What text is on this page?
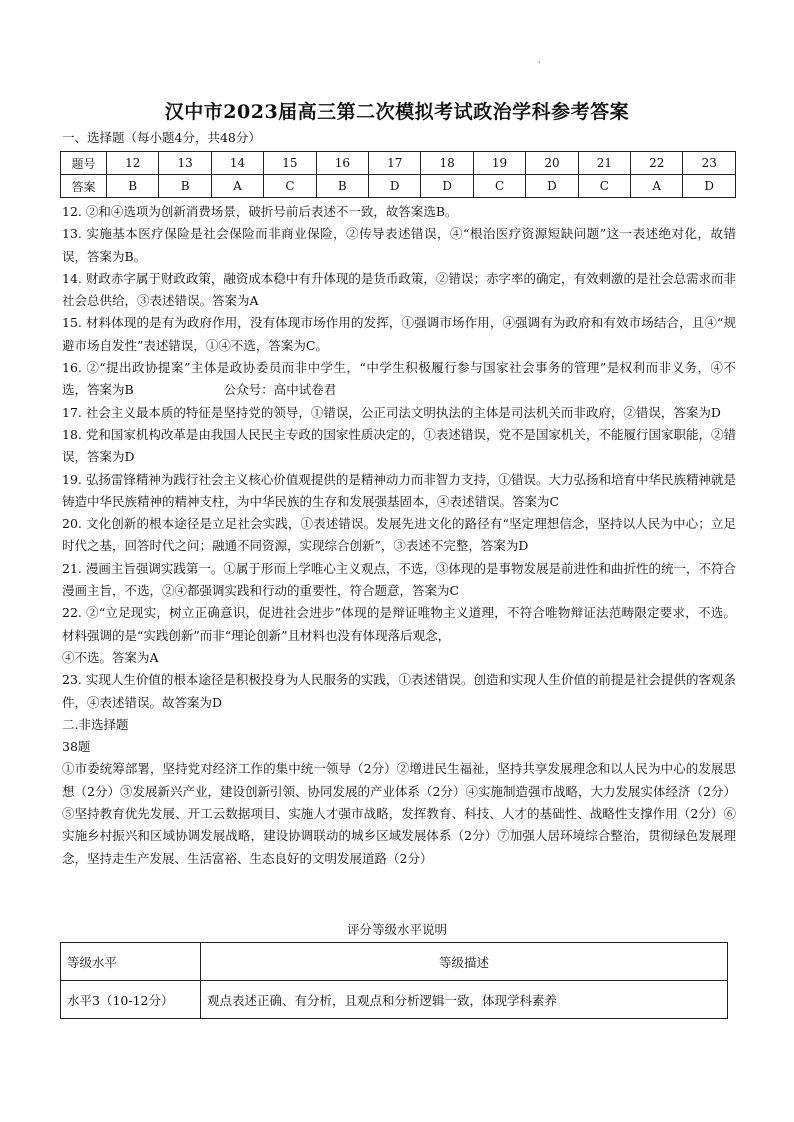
·
汉中市2023届高三第二次模拟考试政治学科参考答案
一、选择题（每小题4分，共48分）
题号	12	13	14	15	16	17	18	19	20	21	22	23
答案	B	B	A	C	B	D	D	C	D	C	A	D

12. ②和④选项为创新消费场景，破折号前后表述不一致，故答案选B。

13. 实施基本医疗保险是社会保险而非商业保险，②传导表述错误，④“根治医疗资源短缺问题”这一表述绝对化，故错误，答案为B。

14. 财政赤字属于财政政策，融资成本稳中有升体现的是货币政策，②错误；赤字率的确定，有效刺激的是社会总需求而非社会总供给，③表述错误。答案为A

15. 材料体现的是有为政府作用，没有体现市场作用的发挥，①强调市场作用，④强调有为政府和有效市场结合，且④“规避市场自发性”表述错误，①④不选，答案为C。

16. ②“提出政协提案”主体是政协委员而非中学生，“中学生积极履行参与国家社会事务的管理”是权利而非义务，④不选，答案为B	公众号：高中试卷君

17. 社会主义最本质的特征是坚持党的领导，①错误，公正司法文明执法的主体是司法机关而非政府，②错误，答案为D

18. 党和国家机构改革是由我国人民民主专政的国家性质决定的，①表述错误，党不是国家机关，不能履行国家职能，②错误，答案为D

19. 弘扬雷锋精神为践行社会主义核心价值观提供的是精神动力而非智力支持，①错误。大力弘扬和培育中华民族精神就是铸造中华民族精神的精神支柱，为中华民族的生存和发展强基固本，④表述错误。答案为C

20. 文化创新的根本途径是立足社会实践，①表述错误。发展先进文化的路径有“坚定理想信念，坚持以人民为中心；立足时代之基，回答时代之问；融通不同资源，实现综合创新”，③表述不完整，答案为D

21. 漫画主旨强调实践第一。①属于形而上学唯心主义观点，不选，③体现的是事物发展是前进性和曲折性的统一，不符合漫画主旨，不选，②④都强调实践和行动的重要性，符合题意，答案为C

22. ②“立足现实，树立正确意识，促进社会进步”体现的是辩证唯物主义道理，不符合唯物辩证法范畴限定要求，不选。材料强调的是“实践创新”而非“理论创新”且材料也没有体现落后观念，

④不选。答案为A

23. 实现人生价值的根本途径是积极投身为人民服务的实践，①表述错误。创造和实现人生价值的前提是社会提供的客观条件，④表述错误。故答案为D

二.非选择题

38题

①市委统筹部署，坚持党对经济工作的集中统一领导（2分）②增进民生福祉，坚持共享发展理念和以人民为中心的发展思想（2分）③发展新兴产业，建设创新引领、协同发展的产业体系（2分）④实施制造强市战略，大力发展实体经济（2分）⑤坚持教育优先发展、开工云数据项目、实施人才强市战略，发挥教育、科技、人才的基础性、战略性支撑作用（2分）⑥实施乡村振兴和区域协调发展战略，建设协调联动的城乡区域发展体系（2分）⑦加强人居环境综合整治，贯彻绿色发展理念，坚持走生产发展、生活富裕、生态良好的文明发展道路（2分）

评分等级水平说明
等级水平	等级描述
水平3（10-12分）	观点表述正确、有分析，且观点和分析逻辑一致，体现学科素养
